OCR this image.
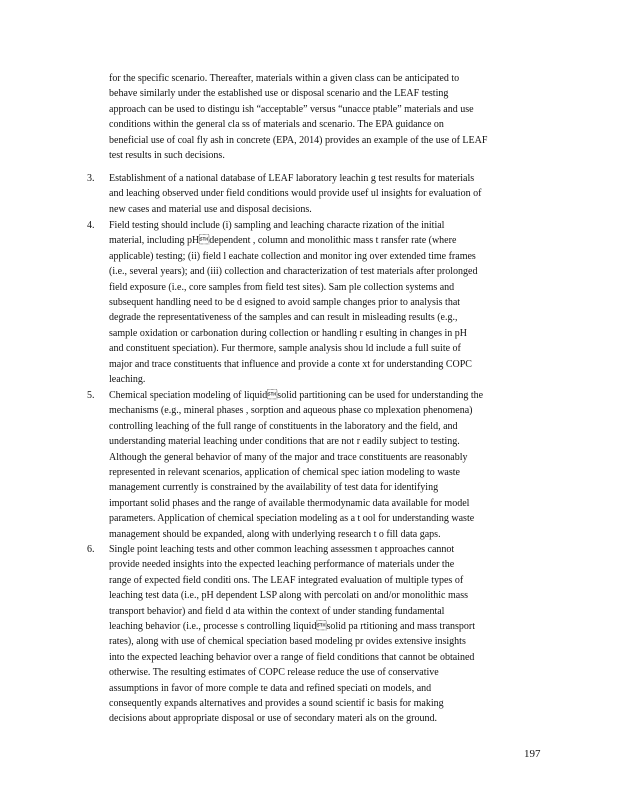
for the specific scenario. Thereafter, materials within a given class can be anticipated to
behave similarly under the established use or disposal scenario and the LEAF testing
approach can be used to distingu ish “acceptable” versus “unacce ptable” materials and use
conditions within the general cla ss of materials and scenario. The EPA guidance on
beneficial use of coal fly ash in concrete (EPA, 2014) provides an example of the use of LEAF
test results in such decisions.

3.	Establishment of a national database of LEAF laboratory leachin g test results for materials
and leaching observed under field conditions would provide usef ul insights for evaluation of
new cases and material use and disposal decisions.

4.	Field testing should include (i) sampling and leaching characte rization of the initial
material, including pHdependent , column and monolithic mass t ransfer rate (where
applicable) testing; (ii) field l eachate collection and monitor ing over extended time frames
(i.e., several years); and (iii) collection and characterization of test materials after prolonged
field exposure (i.e., core samples from field test sites). Sam ple collection systems and
subsequent handling need to be d esigned to avoid sample changes prior to analysis that
degrade the representativeness of the samples and can result in misleading results (e.g.,
sample oxidation or carbonation during collection or handling r esulting in changes in pH
and constituent speciation). Fur thermore, sample analysis shou ld include a full suite of
major and trace constituents that influence and provide a conte xt for understanding COPC
leaching.

5.	Chemical speciation modeling of liquidsolid partitioning can be used for understanding the
mechanisms (e.g., mineral phases , sorption and aqueous phase co mplexation phenomena)
controlling leaching of the full range of constituents in the laboratory and the field, and
understanding material leaching under conditions that are not r eadily subject to testing.
Although the general behavior of many of the major and trace constituents are reasonably
represented in relevant scenarios, application of chemical spec iation modeling to waste
management currently is constrained by the availability of test data for identifying
important solid phases and the range of available thermodynamic data available for model
parameters. Application of chemical speciation modeling as a t ool for understanding waste
management should be expanded, along with underlying research t o fill data gaps.

6.	Single point leaching tests and other common leaching assessmen t approaches cannot
provide needed insights into the expected leaching performance of materials under the
range of expected field conditi ons. The LEAF integrated evaluation of multiple types of
leaching test data (i.e., pH dependent LSP along with percolati on and/or monolithic mass
transport behavior) and field d ata within the context of under standing fundamental
leaching behavior (i.e., processe s controlling liquidsolid pa rtitioning and mass transport
rates), along with use of chemical speciation based modeling pr ovides extensive insights
into the expected leaching behavior over a range of field conditions that cannot be obtained
otherwise. The resulting estimates of COPC release reduce the use of conservative
assumptions in favor of more comple te data and refined speciati on models, and
consequently expands alternatives and provides a sound scientif ic basis for making
decisions about appropriate disposal or use of secondary materi als on the ground.

197
